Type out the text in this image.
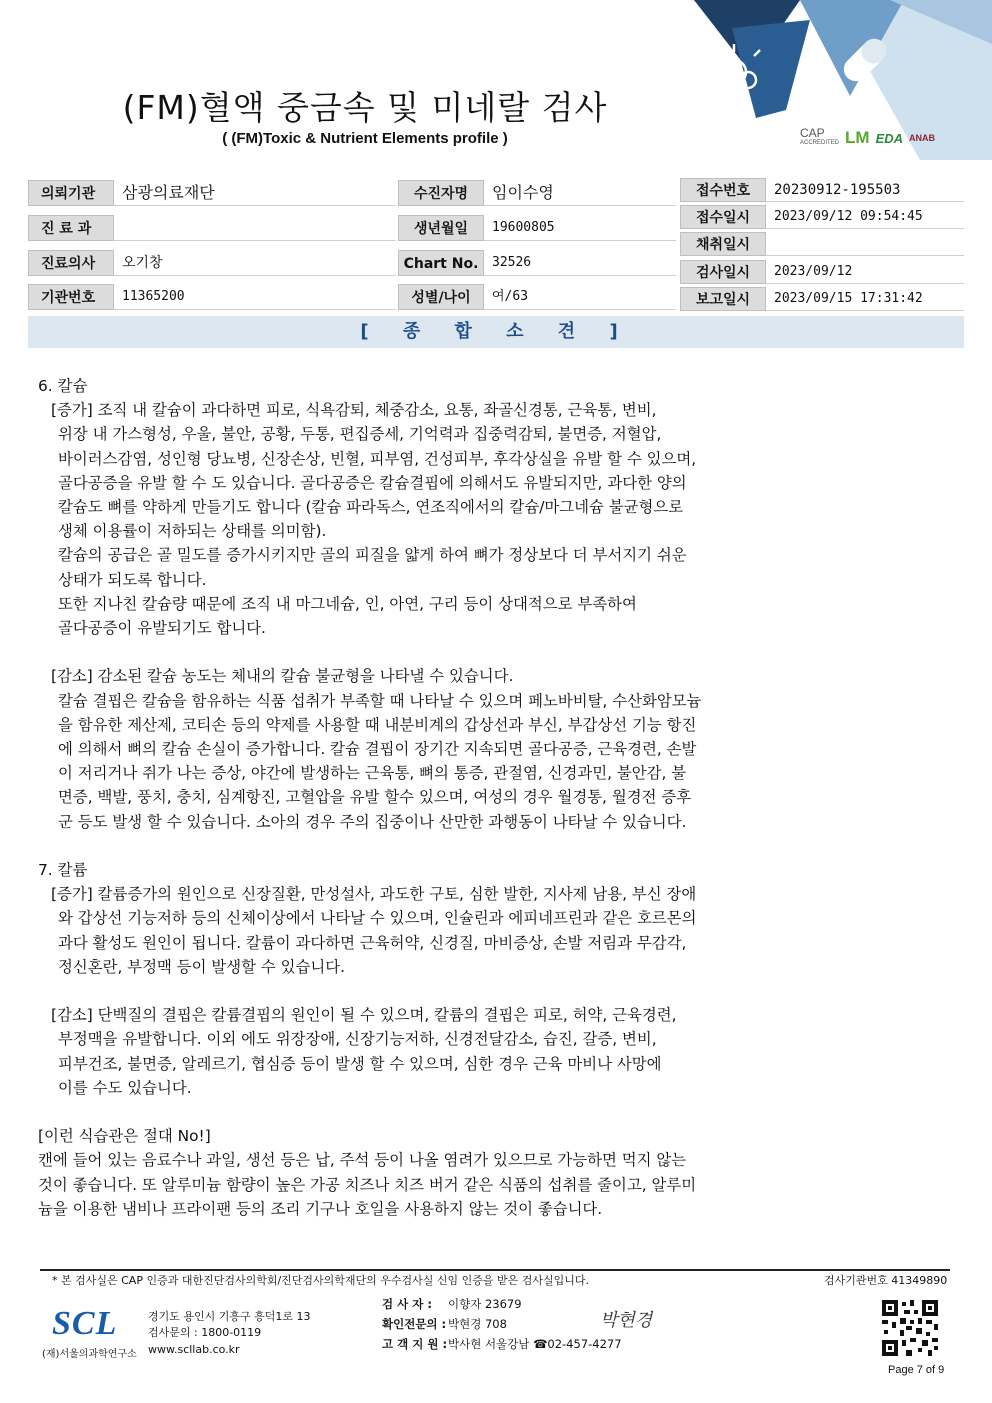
(FM)혈액 중금속 및 미네랄 검사
( (FM)Toxic & Nutrient Elements profile )	CAP
ACCREDITED LM EDA ANAB
의뢰기관	삼광의료재단
진 료 과
진료의사	오기창
기관번호	11365200
수진자명	임이수영
생년월일	19600805
Chart No.	32526
성별/나이	여/63
접수번호	20230912-195503
접수일시	2023/09/12 09:54:45
채취일시
검사일시	2023/09/12
보고일시	2023/09/15 17:31:42
[ 종 합 소 견 ]

6. 칼슘

[증가] 조직 내 칼슘이 과다하면 피로, 식욕감퇴, 체중감소, 요통, 좌골신경통, 근육통, 변비,

위장 내 가스형성, 우울, 불안, 공황, 두통, 편집증세, 기억력과 집중력감퇴, 불면증, 저혈압,

바이러스감염, 성인형 당뇨병, 신장손상, 빈혈, 피부염, 건성피부, 후각상실을 유발 할 수 있으며,

골다공증을 유발 할 수 도 있습니다. 골다공증은 칼슘결핍에 의해서도 유발되지만, 과다한 양의

칼슘도 뼈를 약하게 만들기도 합니다 (칼슘 파라독스, 연조직에서의 칼슘/마그네슘 불균형으로

생체 이용률이 저하되는 상태를 의미함).

칼슘의 공급은 골 밀도를 증가시키지만 골의 피질을 얇게 하여 뼈가 정상보다 더 부서지기 쉬운

상태가 되도록 합니다.

또한 지나친 칼슘량 때문에 조직 내 마그네슘, 인, 아연, 구리 등이 상대적으로 부족하여

골다공증이 유발되기도 합니다.

[감소] 감소된 칼슘 농도는 체내의 칼슘 불균형을 나타낼 수 있습니다.

칼슘 결핍은 칼슘을 함유하는 식품 섭취가 부족할 때 나타날 수 있으며 페노바비탈, 수산화암모늄

을 함유한 제산제, 코티손 등의 약제를 사용할 때 내분비계의 갑상선과 부신, 부갑상선 기능 항진

에 의해서 뼈의 칼슘 손실이 증가합니다. 칼슘 결핍이 장기간 지속되면 골다공증, 근육경련, 손발

이 저리거나 쥐가 나는 증상, 야간에 발생하는 근육통, 뼈의 통증, 관절염, 신경과민, 불안감, 불

면증, 백발, 풍치, 충치, 심계항진, 고혈압을 유발 할수 있으며, 여성의 경우 월경통, 월경전 증후

군 등도 발생 할 수 있습니다. 소아의 경우 주의 집중이나 산만한 과행동이 나타날 수 있습니다.

7. 칼륨

[증가] 칼륨증가의 원인으로 신장질환, 만성설사, 과도한 구토, 심한 발한, 지사제 남용, 부신 장애

와 갑상선 기능저하 등의 신체이상에서 나타날 수 있으며, 인슐린과 에피네프린과 같은 호르몬의

과다 활성도 원인이 됩니다. 칼륨이 과다하면 근육허약, 신경질, 마비증상, 손발 저림과 무감각,

정신혼란, 부정맥 등이 발생할 수 있습니다.

[감소] 단백질의 결핍은 칼륨결핍의 원인이 될 수 있으며, 칼륨의 결핍은 피로, 허약, 근육경련,

부정맥을 유발합니다. 이외 에도 위장장애, 신장기능저하, 신경전달감소, 습진, 갈증, 변비,

피부건조, 불면증, 알레르기, 협심증 등이 발생 할 수 있으며, 심한 경우 근육 마비나 사망에

이를 수도 있습니다.

[이런 식습관은 절대 No!]

캔에 들어 있는 음료수나 과일, 생선 등은 납, 주석 등이 나올 염려가 있으므로 가능하면 먹지 않는

것이 좋습니다. 또 알루미늄 함량이 높은 가공 치즈나 치즈 버거 같은 식품의 섭취를 줄이고, 알루미

늄을 이용한 냄비나 프라이팬 등의 조리 기구나 호일을 사용하지 않는 것이 좋습니다.

* 본 검사실은 CAP 인증과 대한진단검사의학회/진단검사의학재단의 우수검사실 신임 인증을 받은 검사실입니다.	검사기관번호 41349890
SCL
(재)서울의과학연구소
경기도 용인시 기흥구 흥덕1로 13
검사문의 : 1800-0119
www.scllab.co.kr
검 사 자 : 이향자 23679
확인전문의 : 박현경 708
고 객 지 원 :박사현 서울강남 ☎02-457-4277
박현경
Page 7 of 9
